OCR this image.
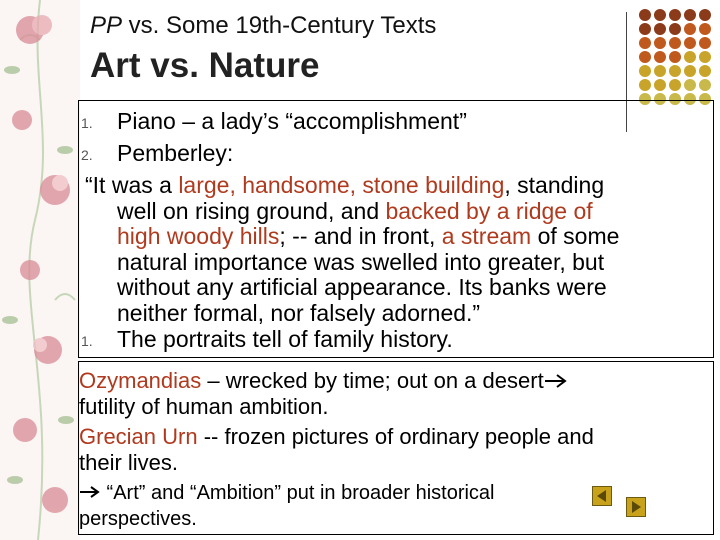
PP vs. Some 19th-Century Texts
Art vs. Nature
1. Piano – a lady’s “accomplishment”
2. Pemberley:
“It was a large, handsome, stone building, standing
well on rising ground, and backed by a ridge of
high woody hills; -- and in front, a stream of some
natural importance was swelled into greater, but
without any artificial appearance. Its banks were
neither formal, nor falsely adorned.”
1. The portraits tell of family history.
Ozymandias – wrecked by time; out on a desert
futility of human ambition.
Grecian Urn -- frozen pictures of ordinary people and
their lives.
“Art” and “Ambition” put in broader historical
perspectives.
